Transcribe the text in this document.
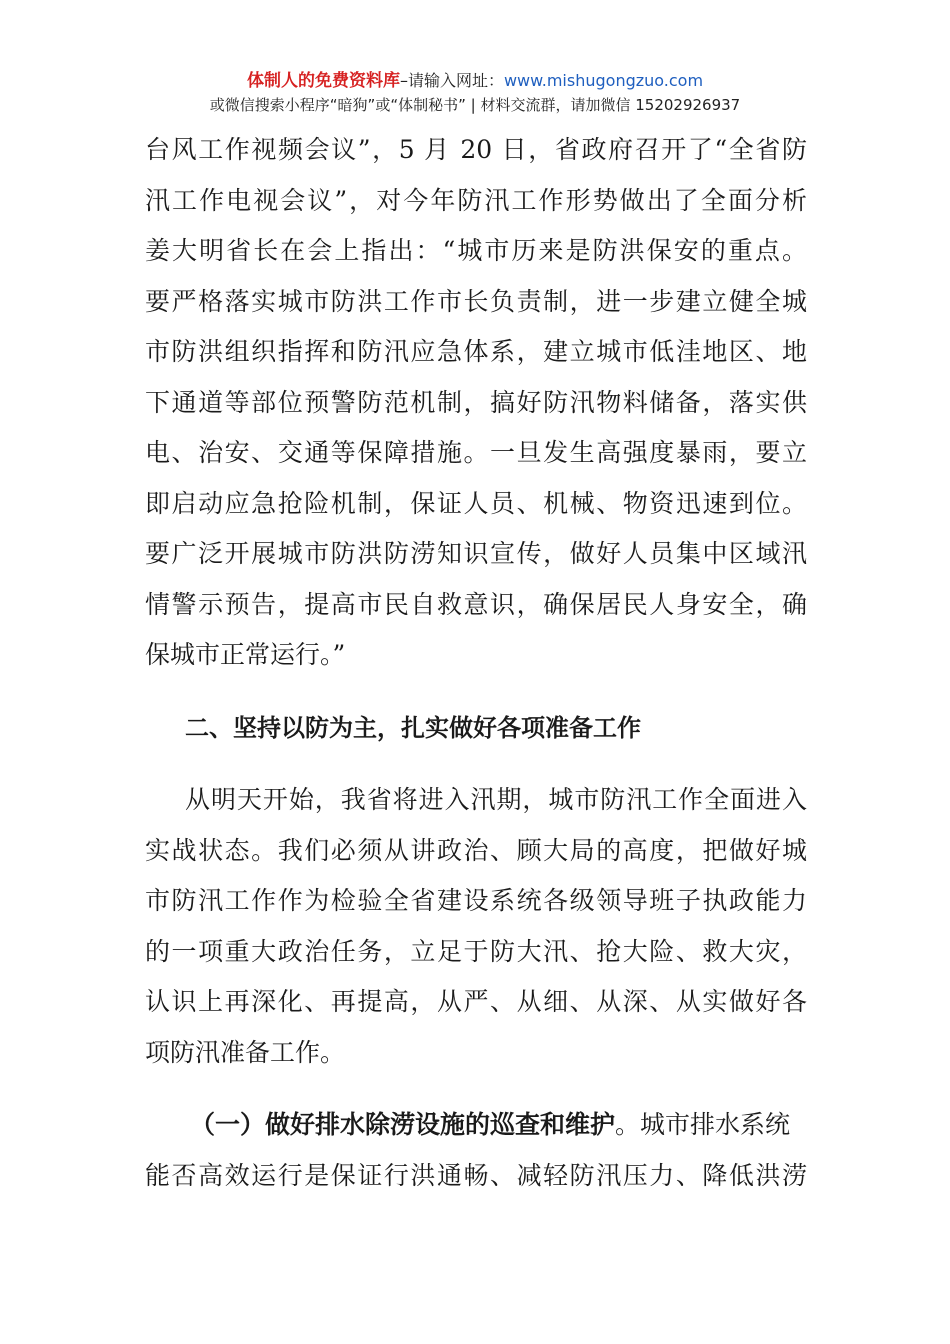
体制人的免费资料库–请输入网址：www.mishugongzuo.com
或微信搜索小程序“暗狗”或“体制秘书” | 材料交流群，请加微信 15202926937
台风工作视频会议”，5 月 20 日，省政府召开了“全省防
汛工作电视会议”，对今年防汛工作形势做出了全面分析
姜大明省长在会上指出：“城市历来是防洪保安的重点。
要严格落实城市防洪工作市长负责制，进一步建立健全城
市防洪组织指挥和防汛应急体系，建立城市低洼地区、地
下通道等部位预警防范机制，搞好防汛物料储备，落实供
电、治安、交通等保障措施。一旦发生高强度暴雨，要立
即启动应急抢险机制，保证人员、机械、物资迅速到位。
要广泛开展城市防洪防涝知识宣传，做好人员集中区域汛
情警示预告，提高市民自救意识，确保居民人身安全，确
保城市正常运行。”
二、坚持以防为主，扎实做好各项准备工作
从明天开始，我省将进入汛期，城市防汛工作全面进入
实战状态。我们必须从讲政治、顾大局的高度，把做好城
市防汛工作作为检验全省建设系统各级领导班子执政能力
的一项重大政治任务，立足于防大汛、抢大险、救大灾，
认识上再深化、再提高，从严、从细、从深、从实做好各
项防汛准备工作。
（一）做好排水除涝设施的巡查和维护。城市排水系统
能否高效运行是保证行洪通畅、减轻防汛压力、降低洪涝
